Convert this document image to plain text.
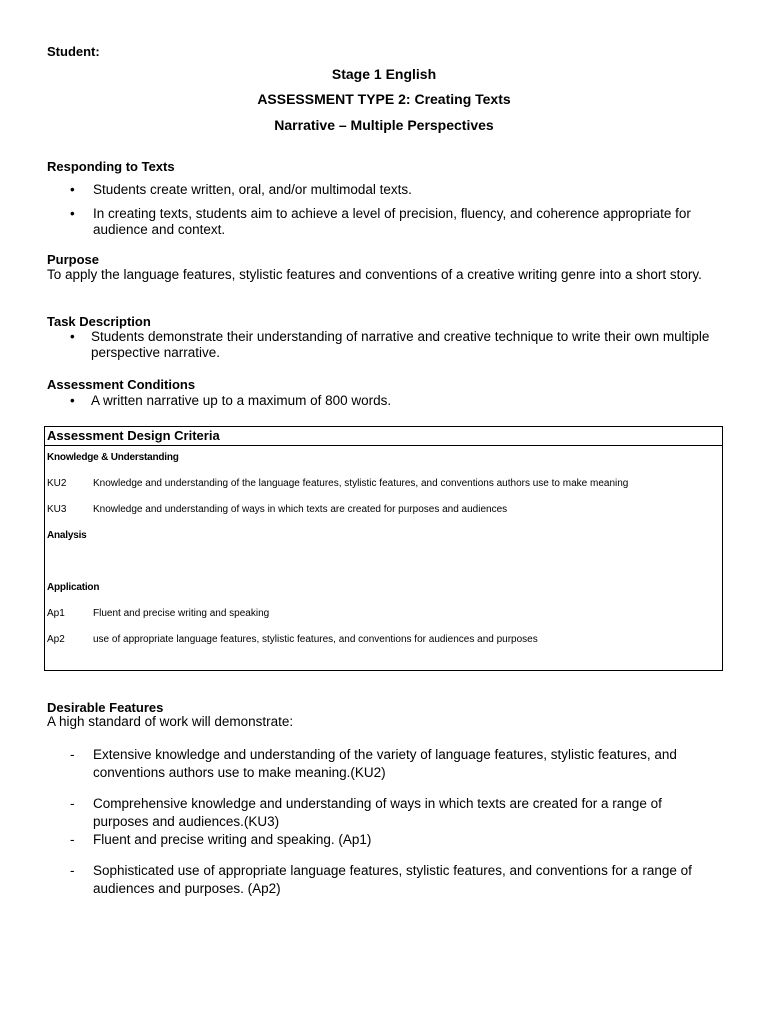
Student:
Stage 1 English
ASSESSMENT TYPE 2: Creating Texts
Narrative – Multiple Perspectives
Responding to Texts
•	Students create written, oral, and/or multimodal texts.
•	In creating texts, students aim to achieve a level of precision, fluency, and coherence appropriate for audience and context.
Purpose
To apply the language features, stylistic features and conventions of a creative writing genre into a short story.
Task Description
•	Students demonstrate their understanding of narrative and creative technique to write their own multiple perspective narrative.
Assessment Conditions
•	A written narrative up to a maximum of 800 words.
Assessment Design Criteria
Knowledge & Understanding
KU2	Knowledge and understanding of the language features, stylistic features, and conventions authors use to make meaning
KU3	Knowledge and understanding of ways in which texts are created for purposes and audiences
Analysis
Application
Ap1	Fluent and precise writing and speaking
Ap2	use of appropriate language features, stylistic features, and conventions for audiences and purposes
Desirable Features
A high standard of work will demonstrate:
- Extensive knowledge and understanding of the variety of language features, stylistic features, and conventions authors use to make meaning.(KU2)
- Comprehensive knowledge and understanding of ways in which texts are created for a range of purposes and audiences.(KU3)
- Fluent and precise writing and speaking. (Ap1)
- Sophisticated use of appropriate language features, stylistic features, and conventions for a range of audiences and purposes. (Ap2)
